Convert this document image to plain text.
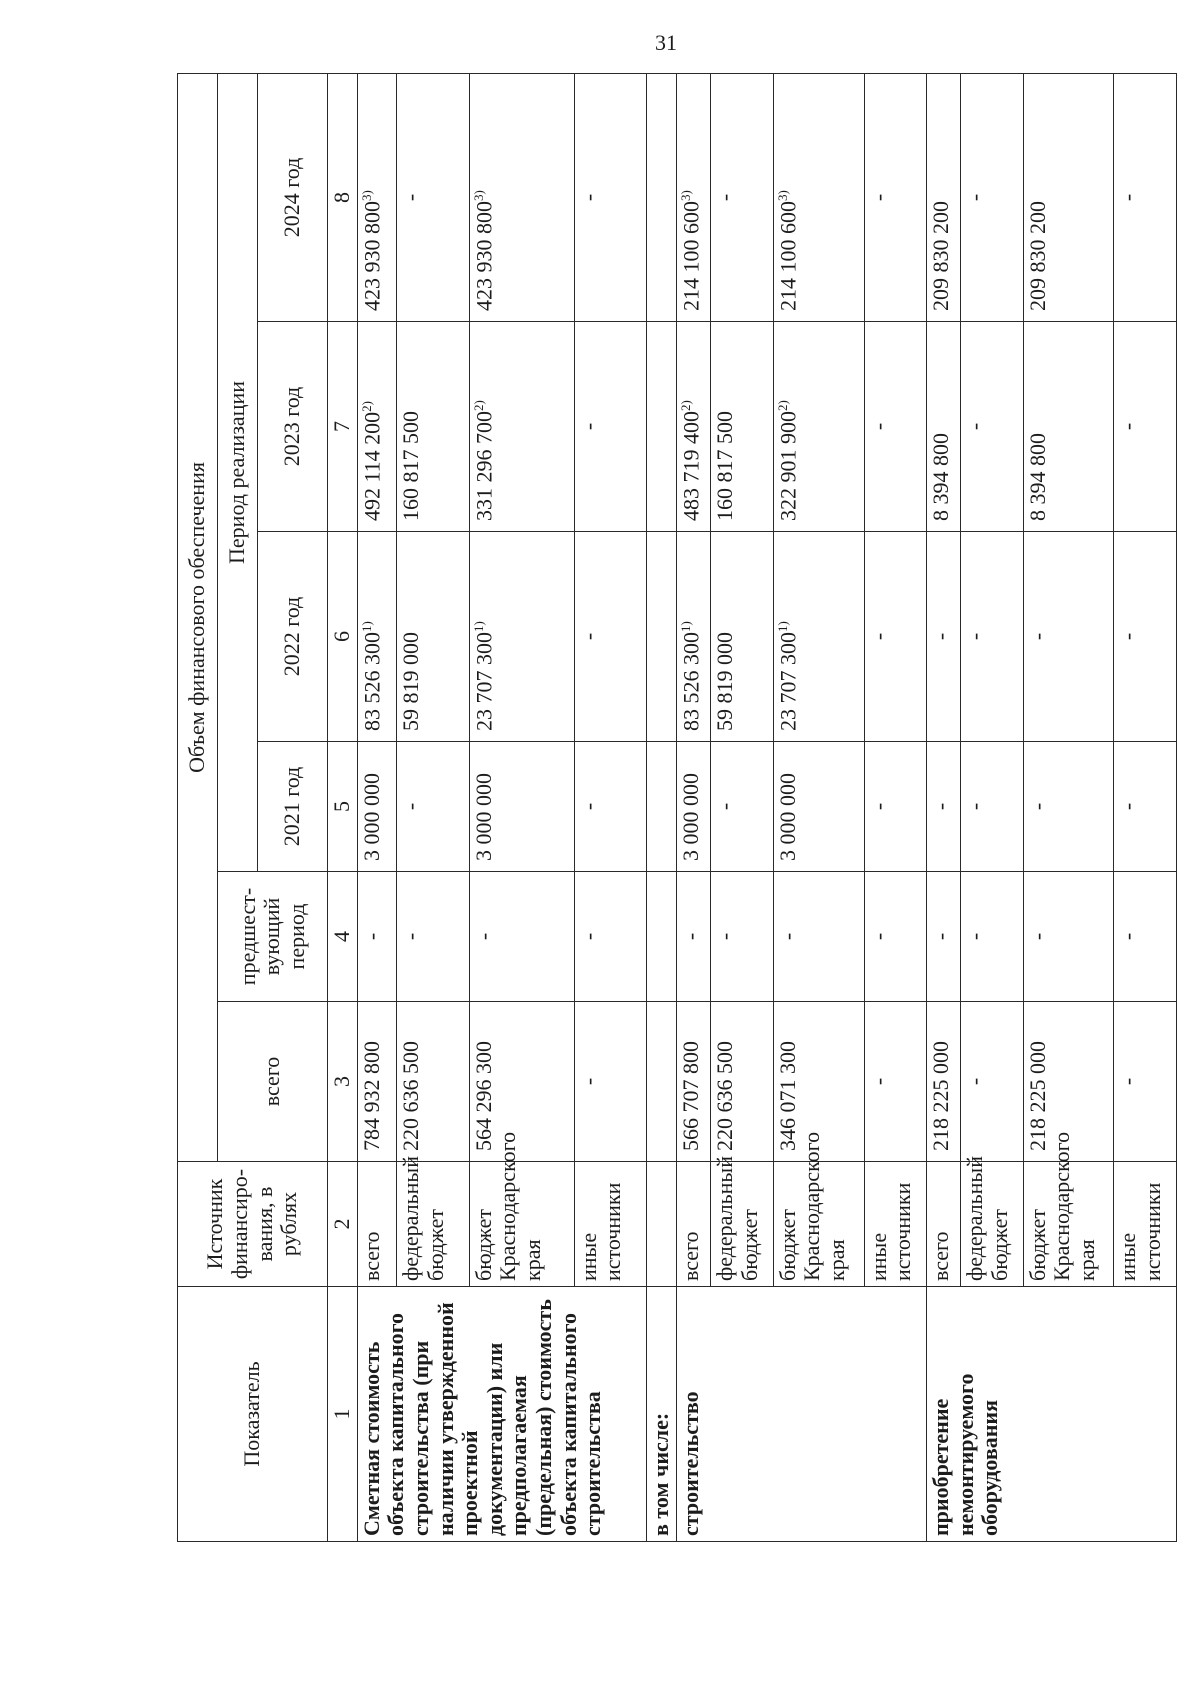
31
Показатель	Источник финансиро-вания, в рублях	Объем финансового обеспечения					
		всего	предшест-вующий период	Период реализации			
				2021 год	2022 год	2023 год	2024 год
1	2	3	4	5	6	7	8
Сметная стоимость объекта капитального строительства (при наличии утвержденной проектной документации) или предполагаемая (предельная) стоимость объекта капитального строительства	всего	784 932 800	-	3 000 000	83 526 300$^{1)}$	492 114 200$^{2)}$	423 930 800$^{3)}$
	федеральный бюджет	220 636 500	-	-	59 819 000	160 817 500	-
	бюджет Краснодарского края	564 296 300	-	3 000 000	23 707 300$^{1)}$	331 296 700$^{2)}$	423 930 800$^{3)}$
	иные источники	-	-	-	-	-	-
в том числе:							
строительство	всего	566 707 800	-	3 000 000	83 526 300$^{1)}$	483 719 400$^{2)}$	214 100 600$^{3)}$
	федеральный бюджет	220 636 500	-	-	59 819 000	160 817 500	-
	бюджет Краснодарского края	346 071 300	-	3 000 000	23 707 300$^{1)}$	322 901 900$^{2)}$	214 100 600$^{3)}$
	иные источники	-	-	-	-	-	-
приобретение немонтируемого оборудования	всего	218 225 000	-	-	-	8 394 800	209 830 200
	федеральный бюджет	-	-	-	-	-	-
	бюджет Краснодарского края	218 225 000	-	-	-	8 394 800	209 830 200
	иные источники	-	-	-	-	-	-
